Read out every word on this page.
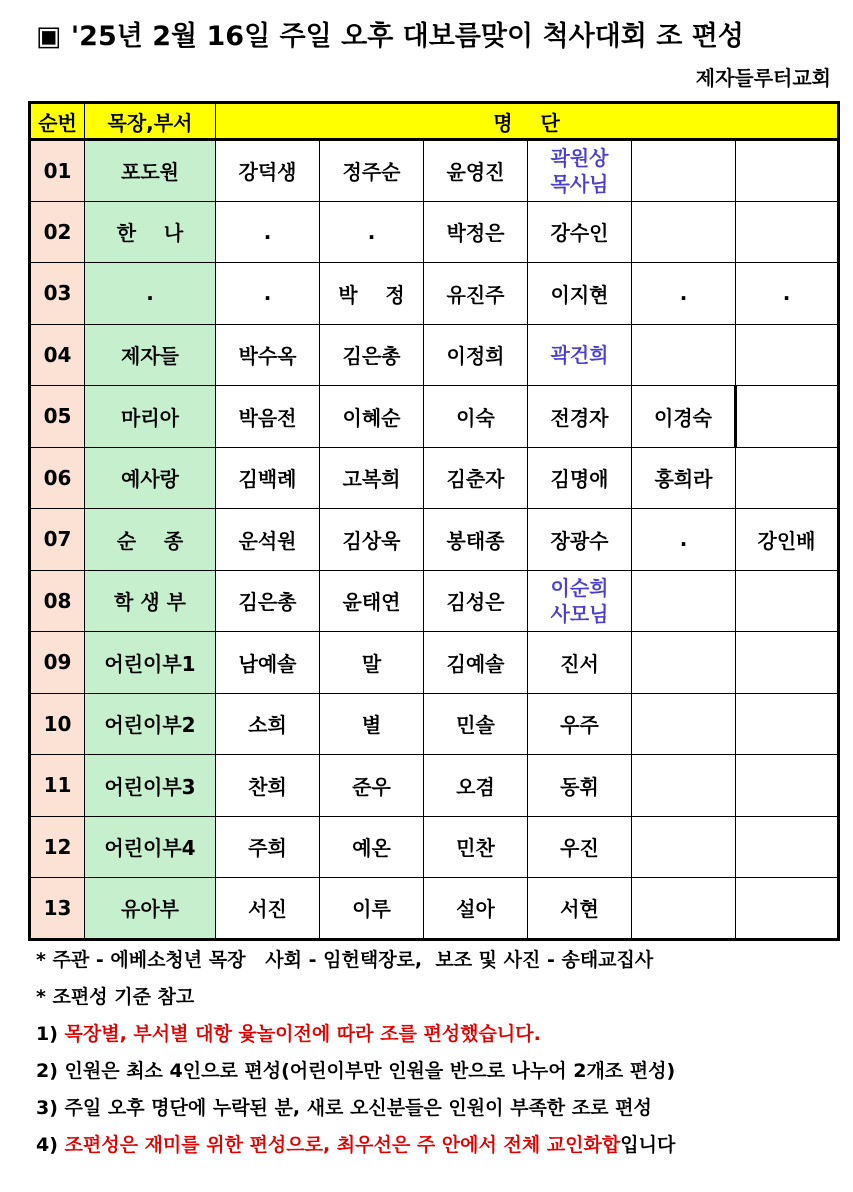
▣ '25년 2월 16일 주일 오후 대보름맞이 척사대회 조 편성
제자들루터교회
순번	목장,부서	명    단					
01	포도원	강덕생	정주순	윤영진	곽원상
목사님		
02	한    나	.	.	박정은	강수인		
03	.	.	박    정	유진주	이지현	.	.
04	제자들	박수옥	김은총	이정희	곽건희		
05	마리아	박음전	이혜순	이숙	전경자	이경숙	
06	예사랑	김백례	고복희	김춘자	김명애	홍희라	
07	순    종	운석원	김상욱	봉태종	장광수	.	강인배
08	학 생 부	김은총	윤태연	김성은	이순희
사모님		
09	어린이부1	남예솔	말	김예솔	진서		
10	어린이부2	소희	별	민솔	우주		
11	어린이부3	찬희	준우	오겸	동휘		
12	어린이부4	주희	예온	민찬	우진		
13	유아부	서진	이루	설아	서현		
* 주관 - 에베소청년 목장   사회 - 임헌택장로,  보조 및 사진 - 송태교집사
* 조편성 기준 참고
1) 목장별, 부서별 대항 윷놀이전에 따라 조를 편성했습니다.
2) 인원은 최소 4인으로 편성(어린이부만 인원을 반으로 나누어 2개조 편성)
3) 주일 오후 명단에 누락된 분, 새로 오신분들은 인원이 부족한 조로 편성
4) 조편성은 재미를 위한 편성으로, 최우선은 주 안에서 전체 교인화합입니다
